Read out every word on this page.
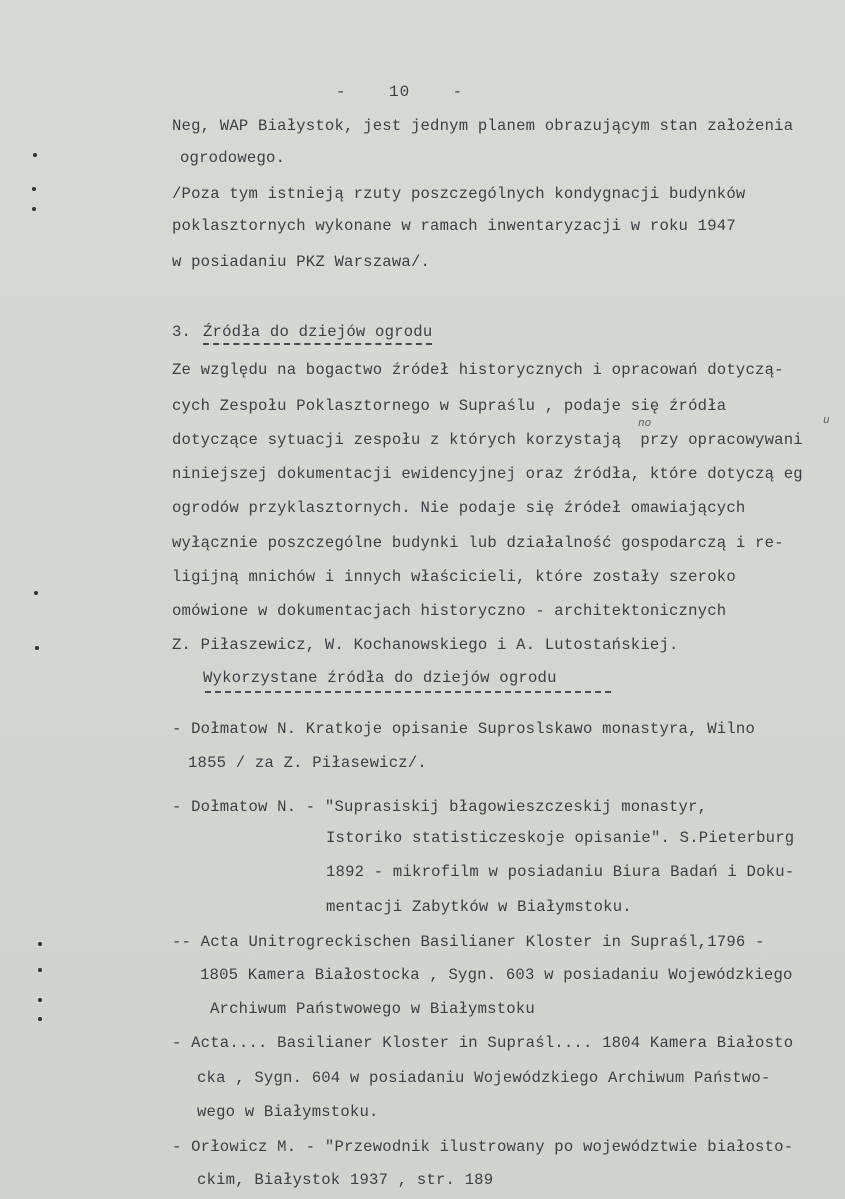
-    10    -
Neg, WAP Białystok, jest jednym planem obrazującym stan założenia
ogrodowego.
/Poza tym istnieją rzuty poszczególnych kondygnacji budynków
poklasztornych wykonane w ramach inwentaryzacji w roku 1947
w posiadaniu PKZ Warszawa/.
3. Źródła do dziejów ogrodu
Ze względu na bogactwo źródeł historycznych i opracowań dotyczą-
cych Zespołu Poklasztornego w Supraślu , podaje się źródła
no	u
dotyczące sytuacji zespołu z których korzystają  przy opracowywani
niniejszej dokumentacji ewidencyjnej oraz źródła, które dotyczą eg
ogrodów przyklasztornych. Nie podaje się źródeł omawiających
wyłącznie poszczególne budynki lub działalność gospodarczą i re-
ligijną mnichów i innych właścicieli, które zostały szeroko
omówione w dokumentacjach historyczno - architektonicznych
Z. Piłaszewicz, W. Kochanowskiego i A. Lutostańskiej.
Wykorzystane źródła do dziejów ogrodu
- Dołmatow N. Kratkoje opisanie Suproslskawo monastyra, Wilno
1855 / za Z. Piłasewicz/.
- Dołmatow N. - "Suprasiskij błagowieszczeskij monastyr,
Istoriko statisticzeskoje opisanie". S.Pieterburg
1892 - mikrofilm w posiadaniu Biura Badań i Doku-
mentacji Zabytków w Białymstoku.
-- Acta Unitrogreckischen Basilianer Kloster in Supraśl,1796 -
1805 Kamera Białostocka , Sygn. 603 w posiadaniu Wojewódzkiego
Archiwum Państwowego w Białymstoku
- Acta.... Basilianer Kloster in Supraśl.... 1804 Kamera Białosto
cka , Sygn. 604 w posiadaniu Wojewódzkiego Archiwum Państwo-
wego w Białymstoku.
- Orłowicz M. - "Przewodnik ilustrowany po województwie białosto-
ckim, Białystok 1937 , str. 189
